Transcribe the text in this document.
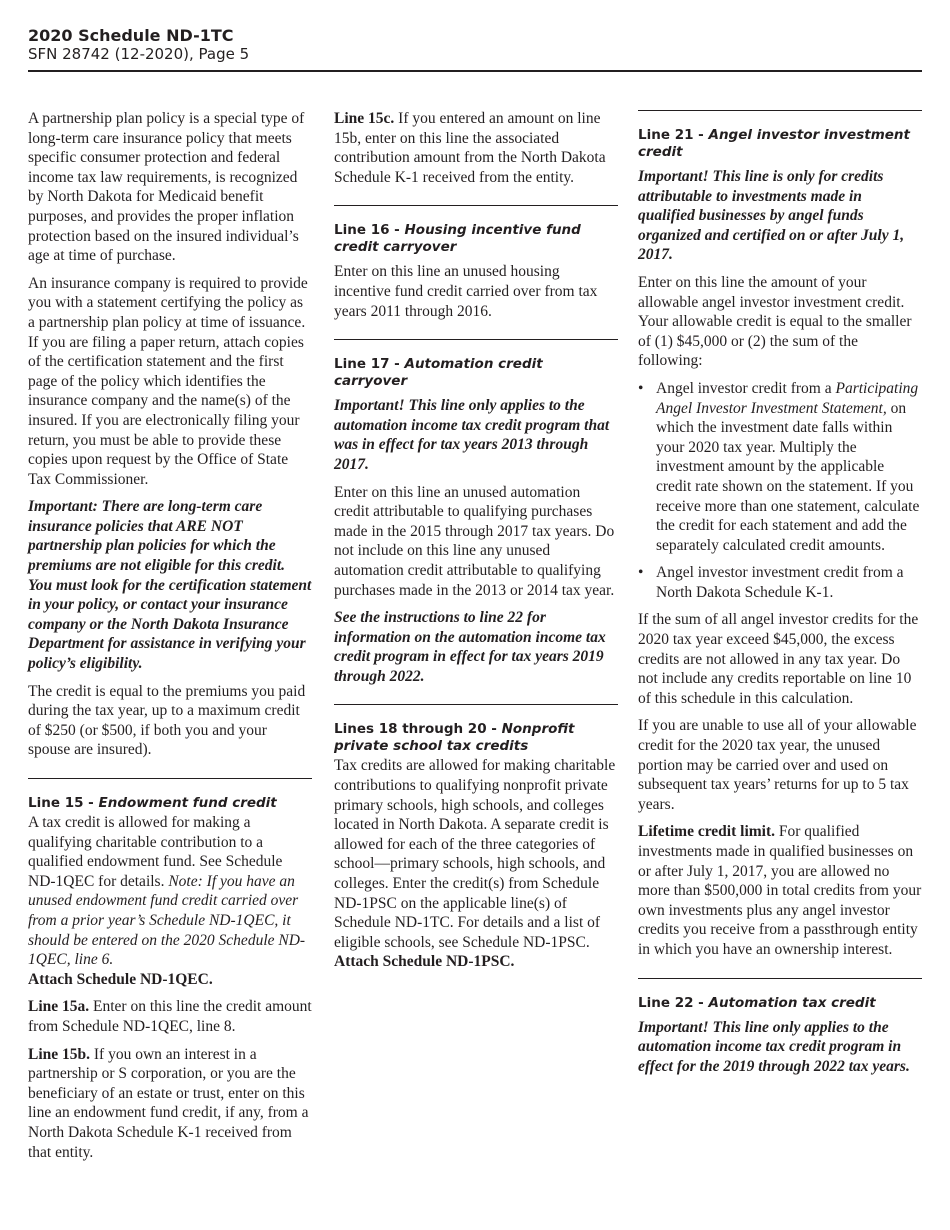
2020 Schedule ND-1TC
SFN 28742 (12-2020), Page 5

A partnership plan policy is a special type of long-term care insurance policy that meets specific consumer protection and federal income tax law requirements, is recognized by North Dakota for Medicaid benefit purposes, and provides the proper inflation protection based on the insured individual’s age at time of purchase.

An insurance company is required to provide you with a statement certifying the policy as a partnership plan policy at time of issuance. If you are filing a paper return, attach copies of the certification statement and the first page of the policy which identifies the insurance company and the name(s) of the insured. If you are electronically filing your return, you must be able to provide these copies upon request by the Office of State Tax Commissioner.

Important: There are long-term care insurance policies that ARE NOT partnership plan policies for which the premiums are not eligible for this credit. You must look for the certification statement in your policy, or contact your insurance company or the North Dakota Insurance Department for assistance in verifying your policy’s eligibility.

The credit is equal to the premiums you paid during the tax year, up to a maximum credit of $250 (or $500, if both you and your spouse are insured).

Line 15 - Endowment fund credit

A tax credit is allowed for making a qualifying charitable contribution to a qualified endowment fund. See Schedule ND-1QEC for details. Note: If you have an unused endowment fund credit carried over from a prior year’s Schedule ND-1QEC, it should be entered on the 2020 Schedule ND-1QEC, line 6.
Attach Schedule ND-1QEC.

Line 15a. Enter on this line the credit amount from Schedule ND-1QEC, line 8.

Line 15b. If you own an interest in a partnership or S corporation, or you are the beneficiary of an estate or trust, enter on this line an endowment fund credit, if any, from a North Dakota Schedule K-1 received from that entity.

Line 15c. If you entered an amount on line 15b, enter on this line the associated contribution amount from the North Dakota Schedule K-1 received from the entity.

Line 16 - Housing incentive fund credit carryover

Enter on this line an unused housing incentive fund credit carried over from tax years 2011 through 2016.

Line 17 - Automation credit carryover

Important! This line only applies to the automation income tax credit program that was in effect for tax years 2013 through 2017.

Enter on this line an unused automation credit attributable to qualifying purchases made in the 2015 through 2017 tax years. Do not include on this line any unused automation credit attributable to qualifying purchases made in the 2013 or 2014 tax year.

See the instructions to line 22 for information on the automation income tax credit program in effect for tax years 2019 through 2022.

Lines 18 through 20 - Nonprofit private school tax credits

Tax credits are allowed for making charitable contributions to qualifying nonprofit private primary schools, high schools, and colleges located in North Dakota. A separate credit is allowed for each of the three categories of school—primary schools, high schools, and colleges. Enter the credit(s) from Schedule ND-1PSC on the applicable line(s) of Schedule ND-1TC. For details and a list of eligible schools, see Schedule ND-1PSC. Attach Schedule ND-1PSC.

Line 21 - Angel investor investment credit

Important! This line is only for credits attributable to investments made in qualified businesses by angel funds organized and certified on or after July 1, 2017.

Enter on this line the amount of your allowable angel investor investment credit. Your allowable credit is equal to the smaller of (1) $45,000 or (2) the sum of the following:

• Angel investor credit from a Participating Angel Investor Investment Statement, on which the investment date falls within your 2020 tax year. Multiply the investment amount by the applicable credit rate shown on the statement. If you receive more than one statement, calculate the credit for each statement and add the separately calculated credit amounts.
• Angel investor investment credit from a North Dakota Schedule K-1.

If the sum of all angel investor credits for the 2020 tax year exceed $45,000, the excess credits are not allowed in any tax year. Do not include any credits reportable on line 10 of this schedule in this calculation.

If you are unable to use all of your allowable credit for the 2020 tax year, the unused portion may be carried over and used on subsequent tax years’ returns for up to 5 tax years.

Lifetime credit limit. For qualified investments made in qualified businesses on or after July 1, 2017, you are allowed no more than $500,000 in total credits from your own investments plus any angel investor credits you receive from a passthrough entity in which you have an ownership interest.

Line 22 - Automation tax credit

Important! This line only applies to the automation income tax credit program in effect for the 2019 through 2022 tax years.
